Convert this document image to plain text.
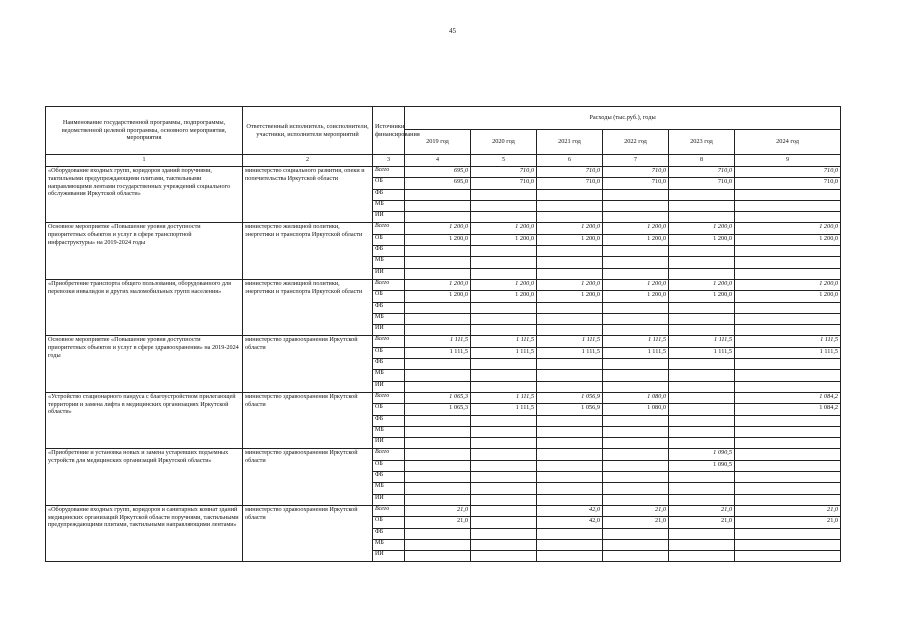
45
Наименование государственной программы, подпрограммы, ведомственной целевой программы, основного мероприятия, мероприятия	Ответственный исполнитель, соисполнители, участники, исполнители мероприятий	Источники финансирования	Расходы (тыс.руб.), годы					
			2019 год	2020 год	2021 год	2022 год	2023 год	2024 год
1	2	3	4	5	6	7	8	9
«Оборудование входных групп, коридоров зданий поручнями, тактильными предупреждающими плитами, тактильными направляющими лентами государственных учреждений социального обслуживания Иркутской области»	министерство социального развития, опеки и попечительства Иркутской области	Всего	695,0	710,0	710,0	710,0	710,0	710,0
		ОБ	695,0	710,0	710,0	710,0	710,0	710,0
		ФБ						
		МБ						
		ИИ						
Основное мероприятие «Повышение уровня доступности приоритетных объектов и услуг в сфере транспортной инфраструктуры» на 2019-2024 годы	министерство жилищной политики, энергетики и транспорта Иркутской области	Всего	1 200,0	1 200,0	1 200,0	1 200,0	1 200,0	1 200,0
		ОБ	1 200,0	1 200,0	1 200,0	1 200,0	1 200,0	1 200,0
		ФБ						
		МБ						
		ИИ						
«Приобретение транспорта общего пользования, оборудованного для перевозки инвалидов и других маломобильных групп населения»	министерство жилищной политики, энергетики и транспорта Иркутской области	Всего	1 200,0	1 200,0	1 200,0	1 200,0	1 200,0	1 200,0
		ОБ	1 200,0	1 200,0	1 200,0	1 200,0	1 200,0	1 200,0
		ФБ						
		МБ						
		ИИ						
Основное мероприятие «Повышение уровня доступности приоритетных объектов и услуг в сфере здравоохранения» на 2019-2024 годы	министерство здравоохранения Иркутской области	Всего	1 111,5	1 111,5	1 111,5	1 111,5	1 111,5	1 111,5
		ОБ	1 111,5	1 111,5	1 111,5	1 111,5	1 111,5	1 111,5
		ФБ						
		МБ						
		ИИ						
«Устройство стационарного пандуса с благоустройством прилегающей территории и замена лифта в медицинских организациях Иркутской области»	министерство здравоохранения Иркутской области	Всего	1 065,3	1 111,5	1 056,9	1 080,0		1 084,2
		ОБ	1 065,3	1 111,5	1 056,9	1 080,0		1 084,2
		ФБ						
		МБ						
		ИИ						
«Приобретение и установка новых и замена устаревших подъемных устройств для медицинских организаций Иркутской области»	министерство здравоохранения Иркутской области	Всего					1 090,5	
		ОБ					1 090,5	
		ФБ						
		МБ						
		ИИ						
«Оборудование входных групп, коридоров и санитарных комнат зданий медицинских организаций Иркутской области поручнями, тактильными предупреждающими плитами, тактильными направляющими лентами»	министерство здравоохранения Иркутской области	Всего	21,0		42,0	21,0	21,0	21,0
		ОБ	21,0		42,0	21,0	21,0	21,0
		ФБ						
		МБ						
		ИИ						
